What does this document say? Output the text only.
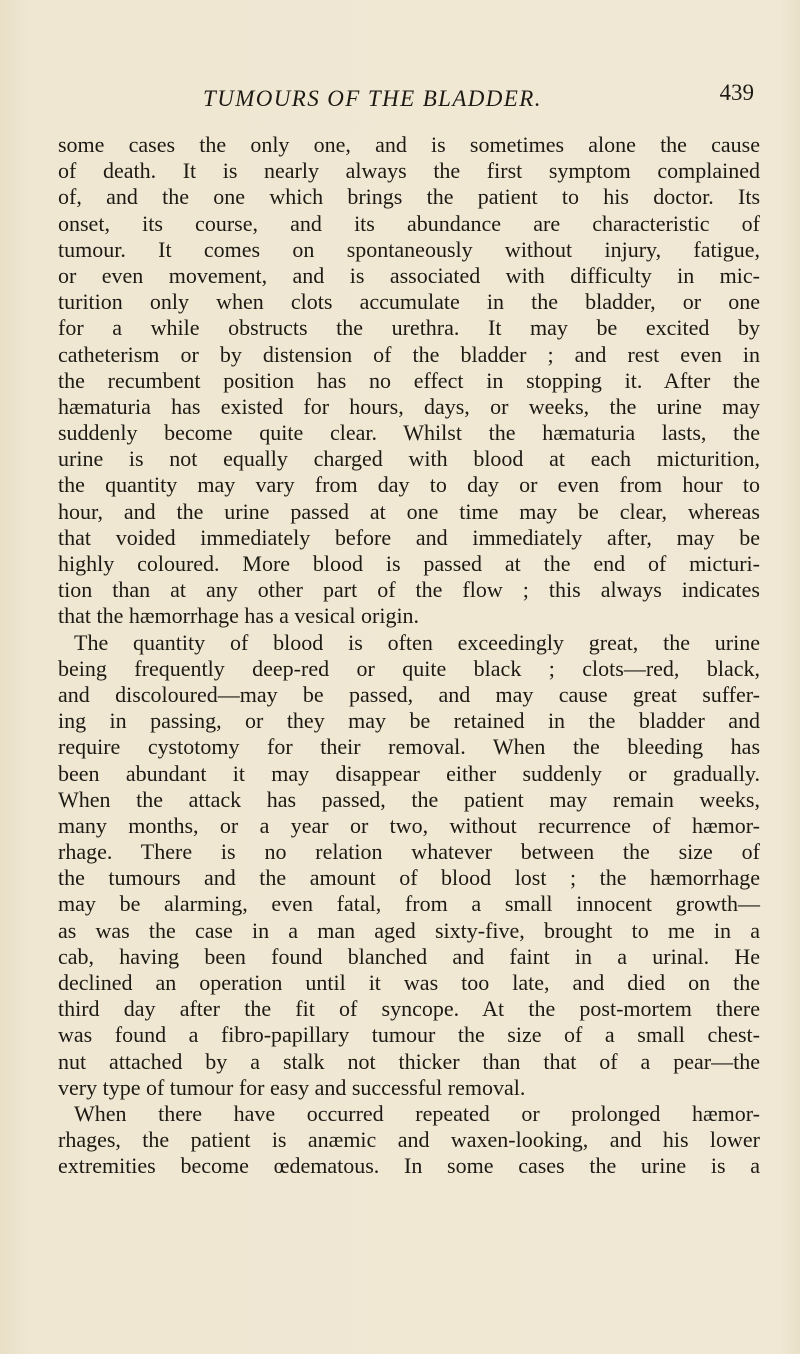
TUMOURS OF THE BLADDER.	439
some cases the only one, and is sometimes alone the cause
of death. It is nearly always the first symptom complained
of, and the one which brings the patient to his doctor. Its
onset, its course, and its abundance are characteristic of
tumour. It comes on spontaneously without injury, fatigue,
or even movement, and is associated with difficulty in mic-
turition only when clots accumulate in the bladder, or one
for a while obstructs the urethra. It may be excited by
catheterism or by distension of the bladder ; and rest even in
the recumbent position has no effect in stopping it. After the
hæmaturia has existed for hours, days, or weeks, the urine may
suddenly become quite clear. Whilst the hæmaturia lasts, the
urine is not equally charged with blood at each micturition,
the quantity may vary from day to day or even from hour to
hour, and the urine passed at one time may be clear, whereas
that voided immediately before and immediately after, may be
highly coloured. More blood is passed at the end of micturi-
tion than at any other part of the flow ; this always indicates
that the hæmorrhage has a vesical origin.
The quantity of blood is often exceedingly great, the urine
being frequently deep-red or quite black ; clots—red, black,
and discoloured—may be passed, and may cause great suffer-
ing in passing, or they may be retained in the bladder and
require cystotomy for their removal. When the bleeding has
been abundant it may disappear either suddenly or gradually.
When the attack has passed, the patient may remain weeks,
many months, or a year or two, without recurrence of hæmor-
rhage. There is no relation whatever between the size of
the tumours and the amount of blood lost ; the hæmorrhage
may be alarming, even fatal, from a small innocent growth—
as was the case in a man aged sixty-five, brought to me in a
cab, having been found blanched and faint in a urinal. He
declined an operation until it was too late, and died on the
third day after the fit of syncope. At the post-mortem there
was found a fibro-papillary tumour the size of a small chest-
nut attached by a stalk not thicker than that of a pear—the
very type of tumour for easy and successful removal.
When there have occurred repeated or prolonged hæmor-
rhages, the patient is anæmic and waxen-looking, and his lower
extremities become œdematous. In some cases the urine is a
